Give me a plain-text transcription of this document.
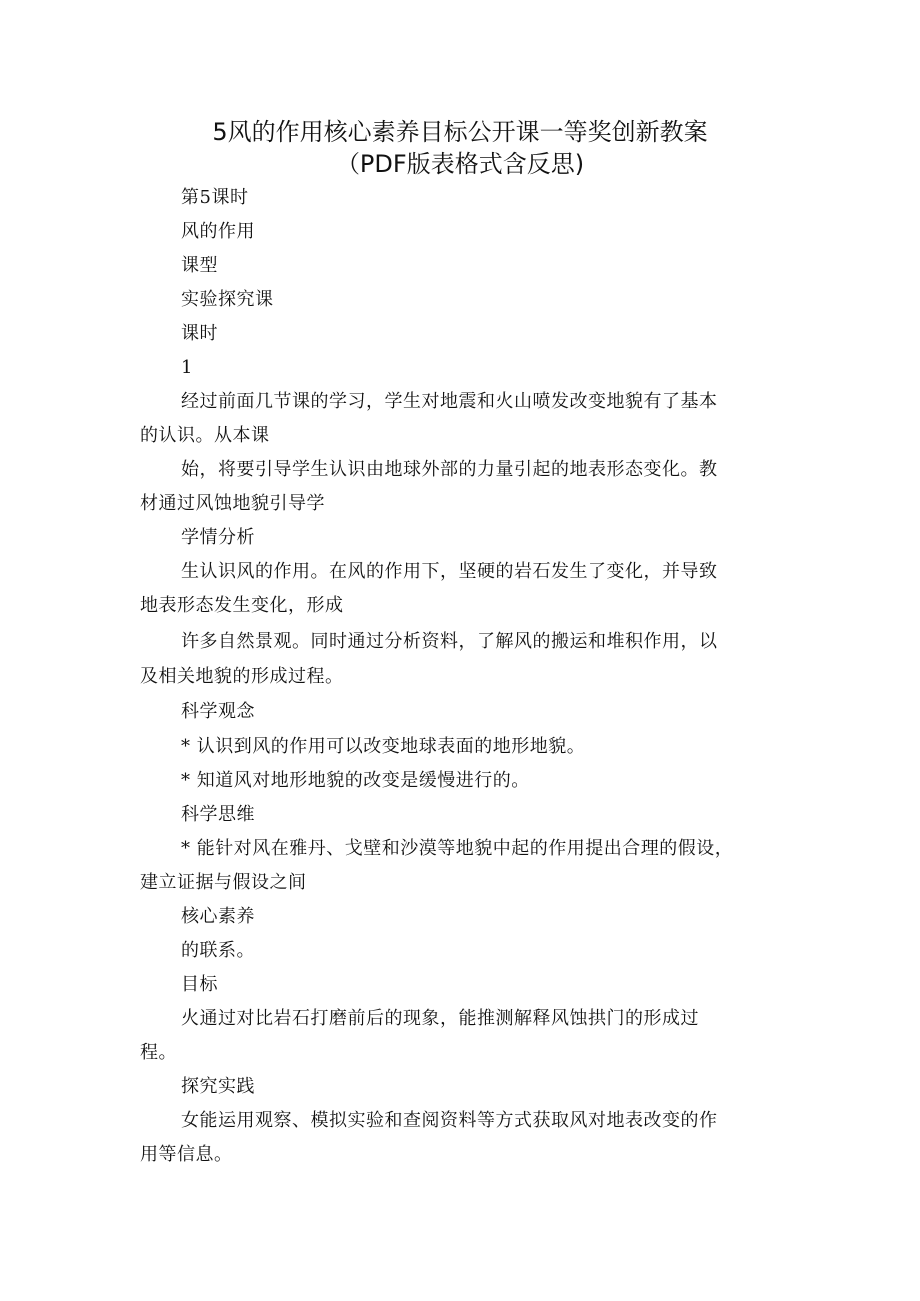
5风的作用核心素养目标公开课一等奖创新教案
（PDF版表格式含反思)
第5课时
风的作用
课型
实验探究课
课时
1
经过前面几节课的学习，学生对地震和火山喷发改变地貌有了基本
的认识。从本课
始，将要引导学生认识由地球外部的力量引起的地表形态变化。教
材通过风蚀地貌引导学
学情分析
生认识风的作用。在风的作用下，坚硬的岩石发生了变化，并导致
地表形态发生变化，形成
许多自然景观。同时通过分析资料，了解风的搬运和堆积作用，以
及相关地貌的形成过程。
科学观念
* 认识到风的作用可以改变地球表面的地形地貌。
* 知道风对地形地貌的改变是缓慢进行的。
科学思维
* 能针对风在雅丹、戈壁和沙漠等地貌中起的作用提出合理的假设，
建立证据与假设之间
核心素养
的联系。
目标
火通过对比岩石打磨前后的现象，能推测解释风蚀拱门的形成过
程。
探究实践
女能运用观察、模拟实验和查阅资料等方式获取风对地表改变的作
用等信息。
